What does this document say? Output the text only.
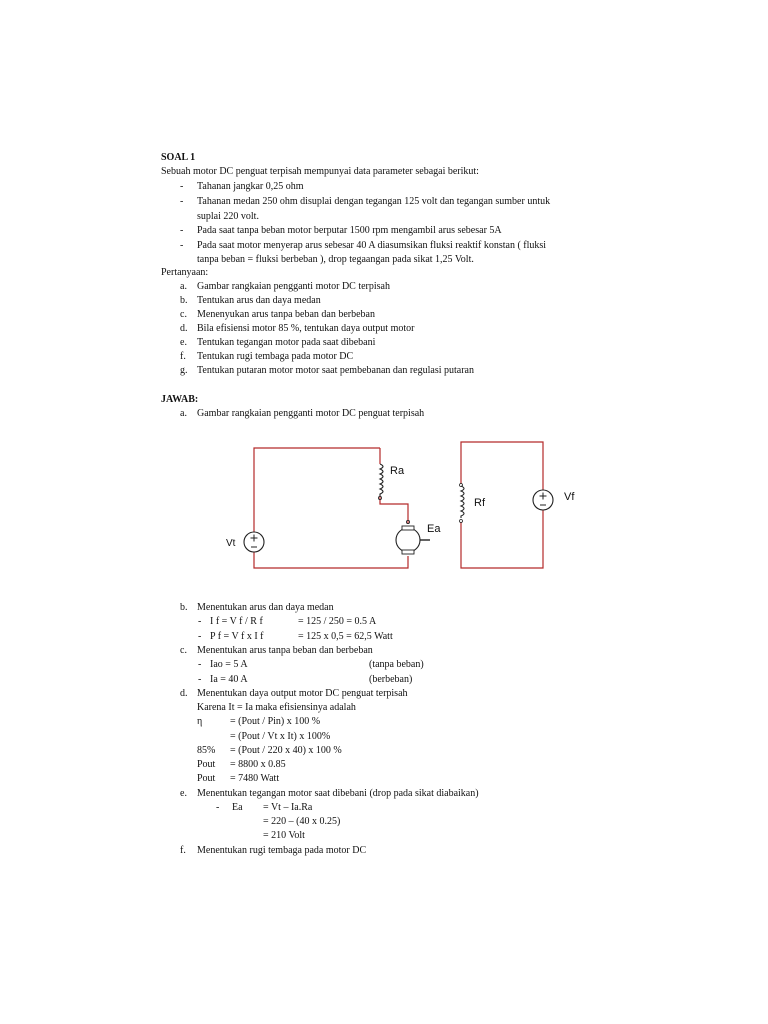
SOAL 1
Sebuah motor DC penguat terpisah mempunyai data parameter sebagai berikut:
- Tahanan jangkar 0,25 ohm
- Tahanan medan 250 ohm disuplai dengan tegangan 125 volt dan tegangan sumber untuk
suplai 220 volt.
- Pada saat tanpa beban motor berputar 1500 rpm mengambil arus sebesar 5A
- Pada saat motor menyerap arus sebesar 40 A diasumsikan fluksi reaktif konstan ( fluksi
tanpa beban = fluksi berbeban ), drop tegaangan pada sikat 1,25 Volt.
Pertanyaan:
a. Gambar rangkaian pengganti motor DC terpisah
b. Tentukan arus dan daya medan
c. Menenyukan arus tanpa beban dan berbeban
d. Bila efisiensi motor 85 %, tentukan daya output motor
e. Tentukan tegangan motor pada saat dibebani
f. Tentukan rugi tembaga pada motor DC
g. Tentukan putaran motor motor saat pembebanan dan regulasi putaran
JAWAB:
a. Gambar rangkaian pengganti motor DC penguat terpisah
Ra
Ea
Vt
Rf	Vf
b. Menentukan arus dan daya medan
- I f = V f / R f	= 125 / 250 = 0.5 A
- P f = V f x I f	= 125 x 0,5 = 62,5 Watt
c. Menentukan arus tanpa beban dan berbeban
- Iao = 5 A	(tanpa beban)
- Ia = 40 A	(berbeban)
d. Menentukan daya output motor DC penguat terpisah
Karena It = Ia maka efisiensinya adalah
η	= (Pout / Pin) x 100 %
= (Pout / Vt x It) x 100%
85% = (Pout / 220 x 40) x 100 %
Pout = 8800 x 0.85
Pout = 7480 Watt
e. Menentukan tegangan motor saat dibebani (drop pada sikat diabaikan)
- Ea = Vt – Ia.Ra
= 220 – (40 x 0.25)
= 210 Volt
f. Menentukan rugi tembaga pada motor DC
